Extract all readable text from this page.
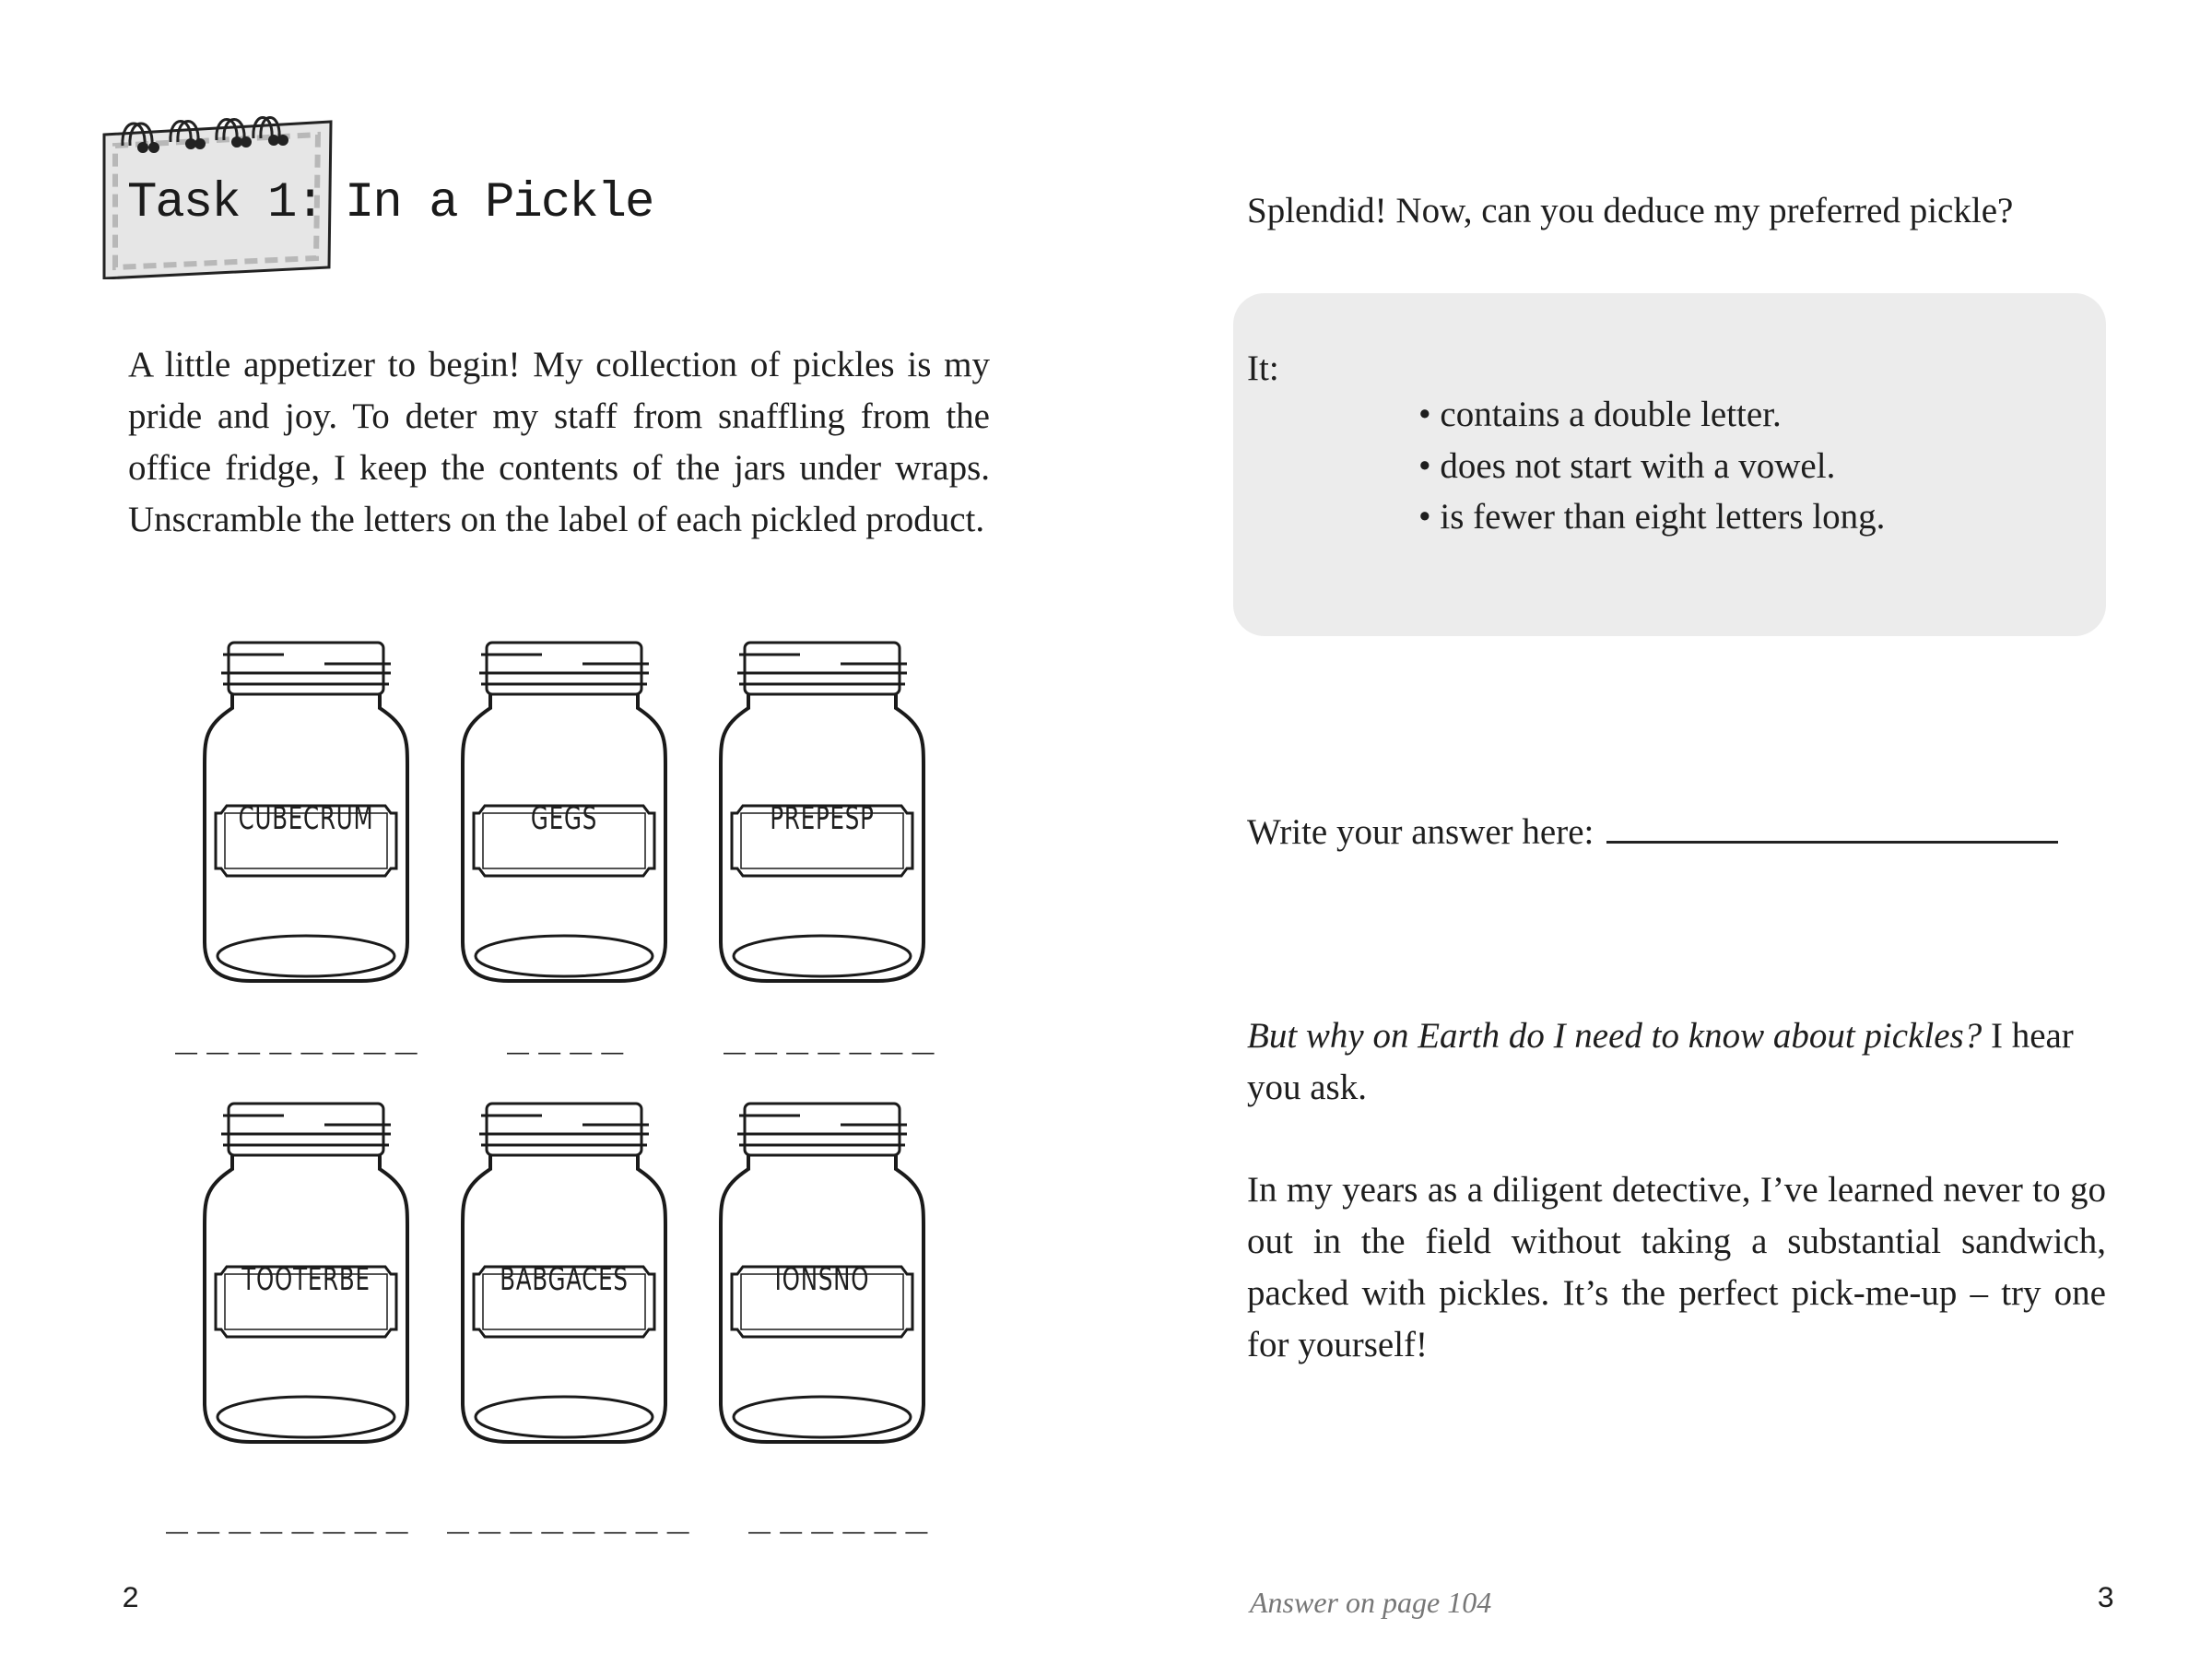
Task 1: In a Pickle
A little appetizer to begin! My collection of pickles is my pride and joy. To deter my staff from snaffling from the office fridge, I keep the contents of the jars under wraps. Unscramble the letters on the label of each pickled product.
CUBECRUM
________
GEGS
____
PREPESP
_______
TOOTERBE
________
BABGACES
________
IONSNO
______
2
Splendid! Now, can you deduce my preferred pickle?
It:
• contains a double letter.
• does not start with a vowel.
• is fewer than eight letters long.
Write your answer here:
But why on Earth do I need to know about pickles? I hear you ask.
In my years as a diligent detective, I’ve learned never to go out in the field without taking a substantial sandwich, packed with pickles. It’s the perfect pick-me-up – try one for yourself!
Answer on page 104	3
